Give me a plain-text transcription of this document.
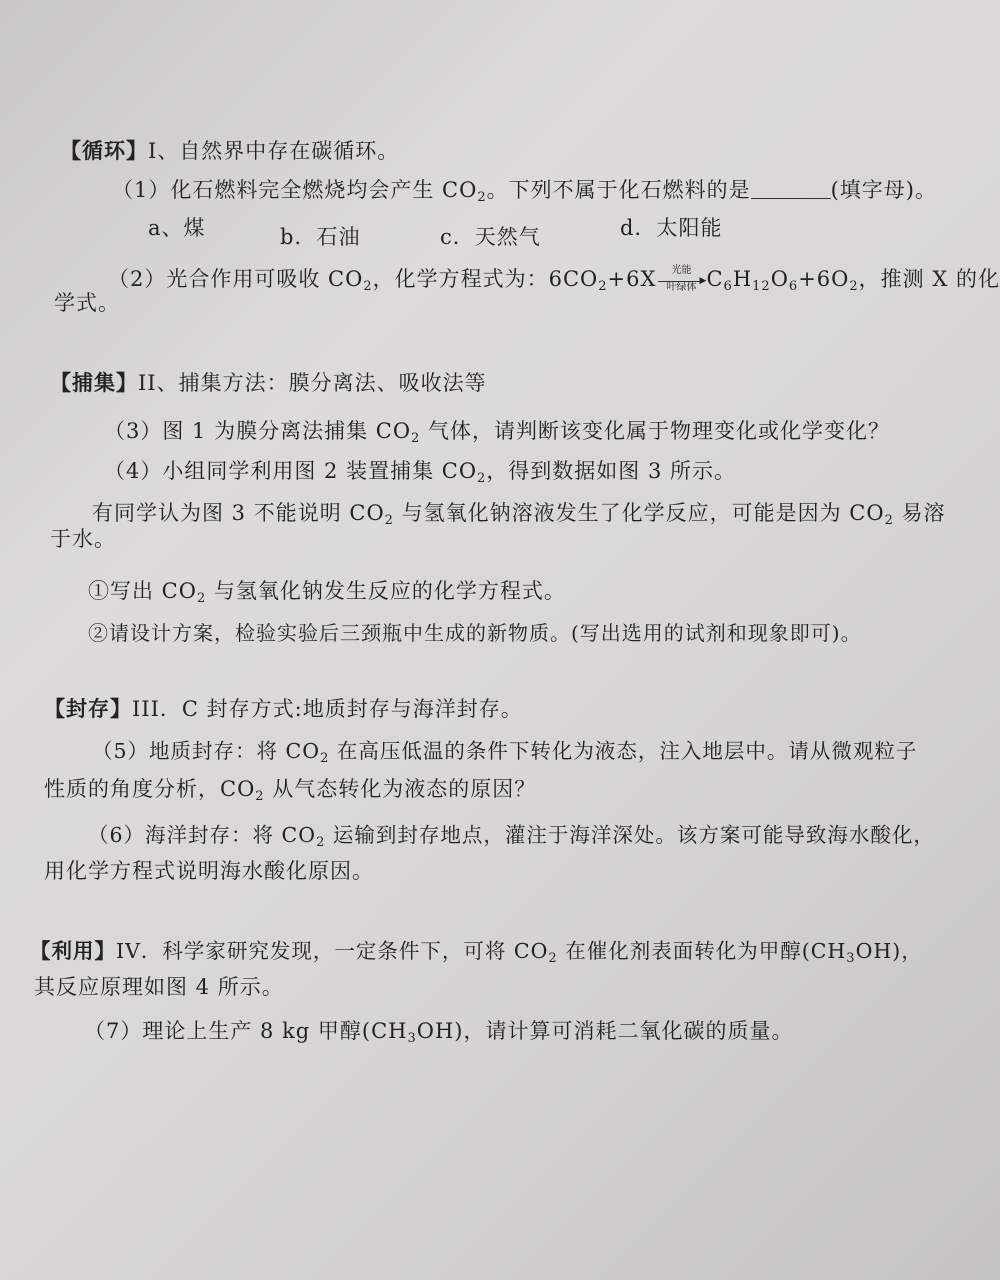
【循环】I、自然界中存在碳循环。
（1）化石燃料完全燃烧均会产生 $CO_2$。下列不属于化石燃料的是	(填字母)。
a、煤	b．石油	c．天然气	d．太阳能
（2）光合作用可吸收 $CO_2$，化学方程式为：$6CO_2+6X$	光能
▶
叶绿体 $C_6H_{12}O_6+6O_2$，推测 X 的化
学式。
【捕集】II、捕集方法：膜分离法、吸收法等
（3）图 1 为膜分离法捕集 $CO_2$ 气体，请判断该变化属于物理变化或化学变化？
（4）小组同学利用图 2 装置捕集 $CO_2$，得到数据如图 3 所示。
有同学认为图 3 不能说明 $CO_2$ 与氢氧化钠溶液发生了化学反应，可能是因为 $CO_2$ 易溶
于水。
①写出 $CO_2$ 与氢氧化钠发生反应的化学方程式。
②请设计方案，检验实验后三颈瓶中生成的新物质。(写出选用的试剂和现象即可)。
【封存】III．C 封存方式:地质封存与海洋封存。
（5）地质封存：将 $CO_2$ 在高压低温的条件下转化为液态，注入地层中。请从微观粒子
性质的角度分析，$CO_2$ 从气态转化为液态的原因？
（6）海洋封存：将 $CO_2$ 运输到封存地点，灌注于海洋深处。该方案可能导致海水酸化，
用化学方程式说明海水酸化原因。
【利用】IV．科学家研究发现，一定条件下，可将 $CO_2$ 在催化剂表面转化为甲醇$(CH_3OH)$，
其反应原理如图 4 所示。
（7）理论上生产 8 kg 甲醇$(CH_3OH)$，请计算可消耗二氧化碳的质量。
